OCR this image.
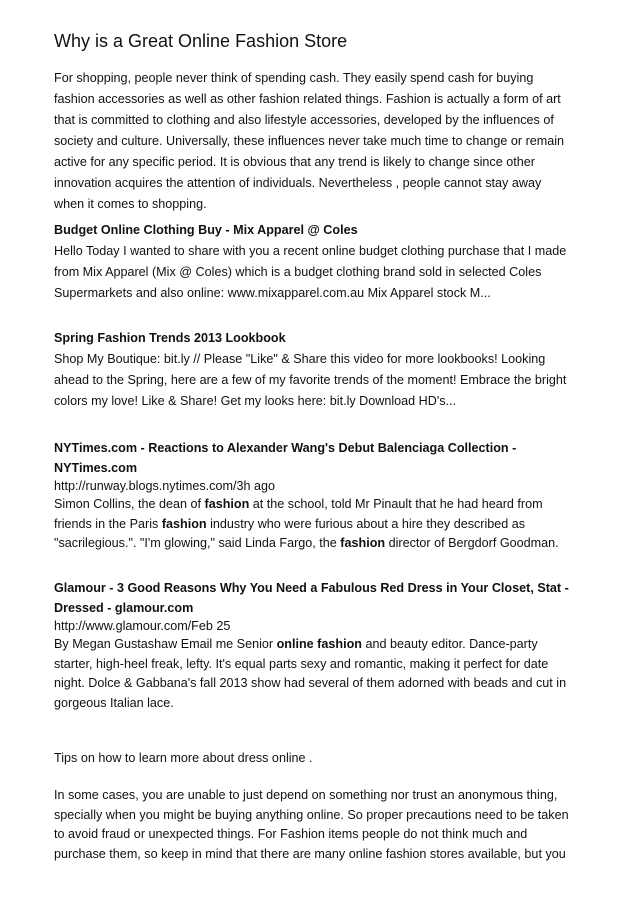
Why is a Great Online Fashion Store
For shopping, people never think of spending cash. They easily spend cash for buying
fashion accessories as well as other fashion related things. Fashion is actually a form of art
that is committed to clothing and also lifestyle accessories, developed by the influences of
society and culture. Universally, these influences never take much time to change or remain
active for any specific period. It is obvious that any trend is likely to change since other
innovation acquires the attention of individuals. Nevertheless , people cannot stay away
when it comes to shopping.
Budget Online Clothing Buy - Mix Apparel @ Coles
Hello Today I wanted to share with you a recent online budget clothing purchase that I made
from Mix Apparel (Mix @ Coles) which is a budget clothing brand sold in selected Coles
Supermarkets and also online: www.mixapparel.com.au Mix Apparel stock M...
Spring Fashion Trends 2013 Lookbook
Shop My Boutique: bit.ly // Please "Like" & Share this video for more lookbooks! Looking
ahead to the Spring, here are a few of my favorite trends of the moment! Embrace the bright
colors my love! Like & Share! Get my looks here: bit.ly Download HD's...
NYTimes.com - Reactions to Alexander Wang's Debut Balenciaga Collection -
NYTimes.com
http://runway.blogs.nytimes.com/3h ago
Simon Collins, the dean of fashion at the school, told Mr Pinault that he had heard from
friends in the Paris fashion industry who were furious about a hire they described as
"sacrilegious.". "I'm glowing," said Linda Fargo, the fashion director of Bergdorf Goodman.
Glamour - 3 Good Reasons Why You Need a Fabulous Red Dress in Your Closet, Stat -
Dressed - glamour.com
http://www.glamour.com/Feb 25
By Megan Gustashaw Email me Senior online fashion and beauty editor. Dance-party
starter, high-heel freak, lefty. It's equal parts sexy and romantic, making it perfect for date
night. Dolce & Gabbana's fall 2013 show had several of them adorned with beads and cut in
gorgeous Italian lace.
Tips on how to learn more about dress online .
In some cases, you are unable to just depend on something nor trust an anonymous thing,
specially when you might be buying anything online. So proper precautions need to be taken
to avoid fraud or unexpected things. For Fashion items people do not think much and
purchase them, so keep in mind that there are many online fashion stores available, but you
